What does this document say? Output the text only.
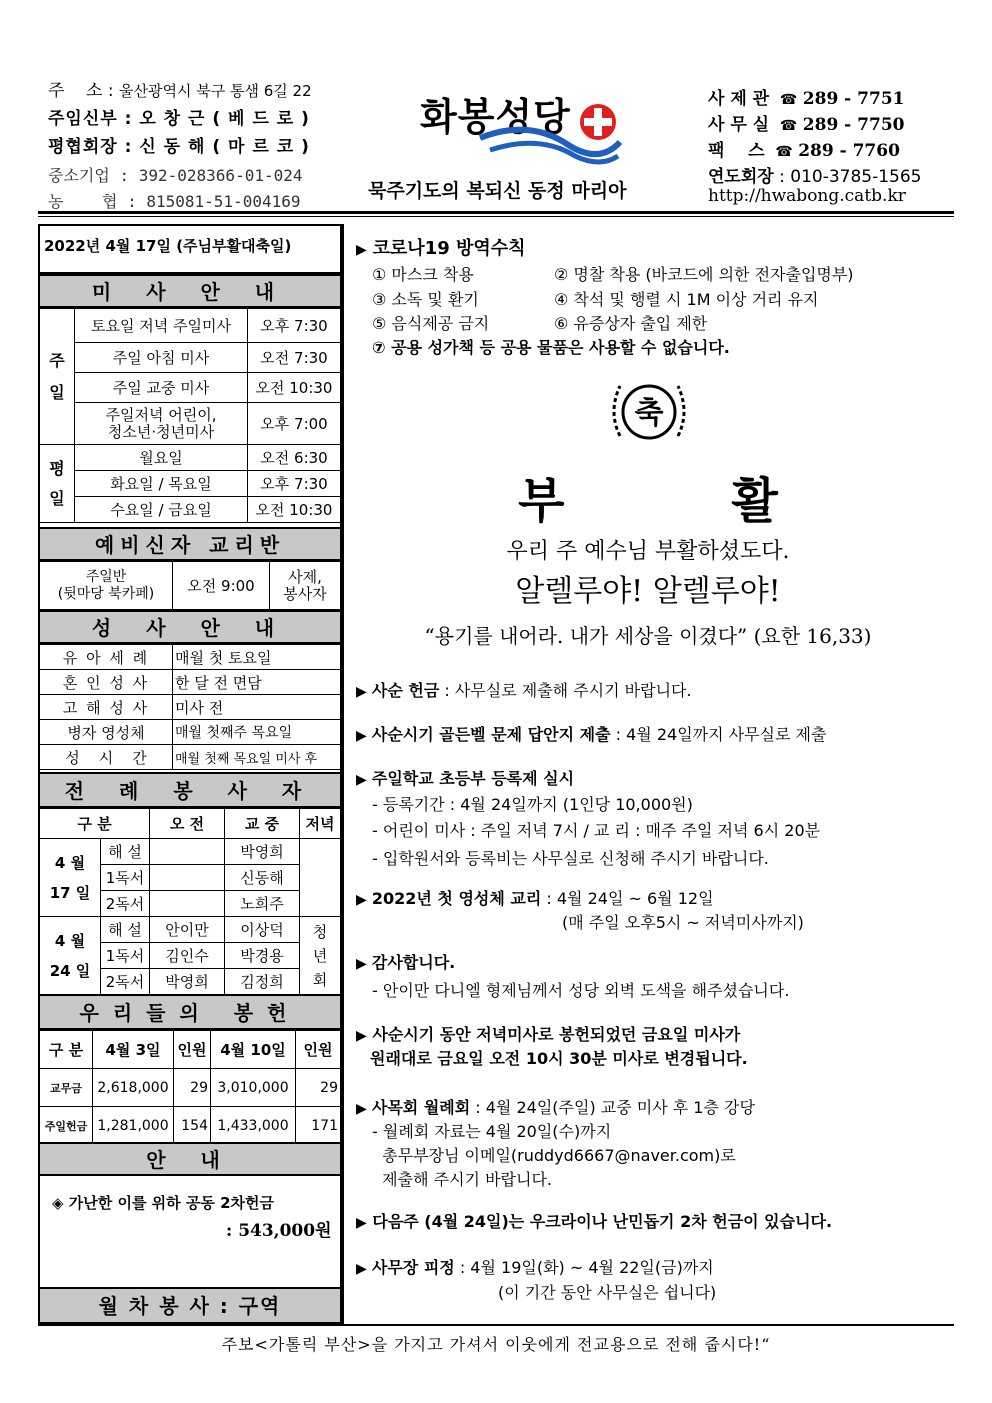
주    소 : 울산광역시 북구 통샘 6길 22
주임신부 : 오 창 근 ( 베 드 로 )
평협회장 : 신 동 해 ( 마 르 코 )
중소기업 : 392-028366-01-024
농    협 : 815081-51-004169
화봉성당
묵주기도의 복되신 동정 마리아
사 제 관 ☎ 289 - 7751
사 무 실 ☎ 289 - 7750
팩    스 ☎ 289 - 7760
연도회장 : 010-3785-1565
http://hwabong.catb.kr
2022년 4월 17일 (주님부활대축일)
미 사 안 내
주
일	토요일 저녁 주일미사	오후 7:30
	주일 아침 미사	오전 7:30
	주일 교중 미사	오전 10:30
	주일저녁 어린이,
청소년·청년미사	오후 7:00
평
일	월요일	오전 6:30
	화요일 / 목요일	오후 7:30
	수요일 / 금요일	오전 10:30
예비신자 교리반
주일반
(뒷마당 북카페)	오전 9:00	사제,
봉사자
성 사 안 내
유 아 세 례	매월 첫 토요일
혼 인 성 사	한 달 전 면담
고 해 성 사	미사 전
병자 영성체	매월 첫째주 목요일
성    시    간	매월 첫째 목요일 미사 후
전 례 봉 사 자
구 분		오 전	교 중	저녁
4 월
17 일	해 설		박영희	
	1독서		신동해	
	2독서		노희주	
4 월
24 일	해 설	안이만	이상덕	청
년
회
	1독서	김인수	박경용	
	2독서	박영희	김정희	
우리들의 봉헌
구 분	4월 3일	인원	4월 10일	인원
교무금	2,618,000	29	3,010,000	29
주일헌금	1,281,000	154	1,433,000	171
안 내
◈ 가난한 이를 위하 공동 2차헌금
: 543,000원
월 차 봉 사 : 구역
▶ 코로나19 방역수칙
① 마스크 착용	② 명찰 착용 (바코드에 의한 전자출입명부)
③ 소독 및 환기	④ 착석 및 행렬 시 1M 이상 거리 유지
⑤ 음식제공 금지	⑥ 유증상자 출입 제한
⑦ 공용 성가책 등 공용 물품은 사용할 수 없습니다.
축
부          활
우리 주 예수님 부활하셨도다.
알렐루야! 알렐루야!
“용기를 내어라. 내가 세상을 이겼다” (요한 16,33)
▶ 사순 헌금 : 사무실로 제출해 주시기 바랍니다.
▶ 사순시기 골든벨 문제 답안지 제출 : 4월 24일까지 사무실로 제출
▶ 주일학교 초등부 등록제 실시
- 등록기간 : 4월 24일까지 (1인당 10,000원)
- 어린이 미사 : 주일 저녁 7시 / 교 리 : 매주 주일 저녁 6시 20분
- 입학원서와 등록비는 사무실로 신청해 주시기 바랍니다.
▶ 2022년 첫 영성체 교리 : 4월 24일 ~ 6월 12일
(매 주일 오후5시 ~ 저녁미사까지)
▶ 감사합니다.
- 안이만 다니엘 형제님께서 성당 외벽 도색을 해주셨습니다.
▶ 사순시기 동안 저녁미사로 봉헌되었던 금요일 미사가
원래대로 금요일 오전 10시 30분 미사로 변경됩니다.
▶ 사목회 월례회 : 4월 24일(주일) 교중 미사 후 1층 강당
- 월례회 자료는 4월 20일(수)까지
총무부장님 이메일(ruddyd6667@naver.com)로
제출해 주시기 바랍니다.
▶ 다음주 (4월 24일)는 우크라이나 난민돕기 2차 헌금이 있습니다.
▶ 사무장 피정 : 4월 19일(화) ~ 4월 22일(금)까지
(이 기간 동안 사무실은 쉽니다)
주보<가톨릭 부산>을 가지고 가셔서 이웃에게 전교용으로 전해 줍시다!“
